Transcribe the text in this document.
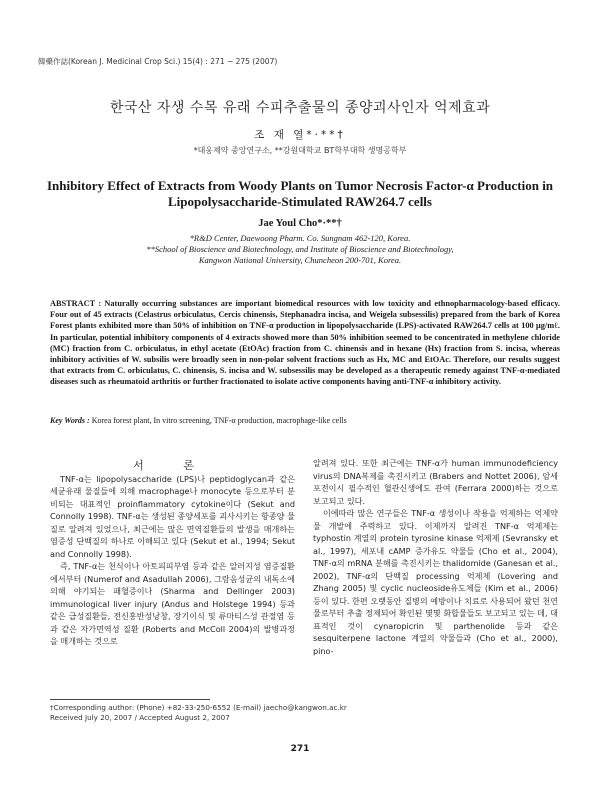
韓藥作誌(Korean J. Medicinal Crop Sci.) 15(4) : 271 − 275 (2007)
한국산 자생 수목 유래 수피추출물의 종양괴사인자 억제효과
조 재 열*·**†
*대웅제약 중앙연구소, **강원대학교 BT학부대학 생명공학부
Inhibitory Effect of Extracts from Woody Plants on Tumor Necrosis Factor-α Production in Lipopolysaccharide-Stimulated RAW264.7 cells
Jae Youl Cho*·**†
*R&D Center, Daewoong Pharm. Co. Sungnam 462-120, Korea.
**School of Bioscience and Biotechnology, and Institute of Bioscience and Biotechnology,
Kangwon National University, Chuncheon 200-701, Korea.
ABSTRACT : Naturally occurring substances are important biomedical resources with low toxicity and ethnopharmacology-based efficacy. Four out of 45 extracts (Celastrus orbiculatus, Cercis chinensis, Stephanadra incisa, and Weigela subsessilis) prepared from the bark of Korea Forest plants exhibited more than 50% of inhibition on TNF-α production in lipopolysaccharide (LPS)-activated RAW264.7 cells at 100 μg/mℓ. In particular, potential inhibitory components of 4 extracts showed more than 50% inhibition seemed to be concentrated in methylene chloride (MC) fraction from C. orbiculatus, in ethyl acetate (EtOAc) fraction from C. chinensis and in hexane (Hx) fraction from S. incisa, whereas inhibitory activities of W. subsilis were broadly seen in non-polar solvent fractions such as Hx, MC and EtOAc. Therefore, our results suggest that extracts from C. orbiculatus, C. chinensis, S. incisa and W. subsessilis may be developed as a therapeutic remedy against TNF-α-mediated diseases such as rheumatoid arthritis or further fractionated to isolate active components having anti-TNF-α inhibitory activity.
Key Words : Korea forest plant, In vitro screening, TNF-α production, macrophage-like cells

서 론

TNF-α는 lipopolysaccharide (LPS)나 peptidoglycan과 같은 세균유래 물질들에 의해 macrophage나 monocyte 등으로부터 분비되는 대표적인 proinflammatory cytokine이다 (Sekut and Connolly 1998). TNF-α는 생성된 종양세포를 괴사시키는 항종양 물질로 알려져 있었으나, 최근에는 많은 면역질환들의 발생을 매개하는 염증성 단백질의 하나로 이해되고 있다 (Sekut et al., 1994; Sekut and Connolly 1998).

즉, TNF-α는 천식이나 아토피피부염 등과 같은 알러지성 염증질환에서부터 (Numerof and Asadullah 2006), 그람음성균의 내독소에 의해 야기되는 패혈증이나 (Sharma and Dellinger 2003) immunological liver injury (Andus and Holstege 1994) 등과 같은 급성질환들, 전신홍반성낭창, 장기이식 및 류마티스성 관절염 등과 같은 자가면역성 질환 (Roberts and McColl 2004)의 발병과정을 매개하는 것으로

알려져 있다. 또한 최근에는 TNF-α가 human immunodeficiency virus의 DNA복제를 촉진시키고 (Brabers and Nottet 2006), 암세포전이시 필수적인 혈관신생에도 관여 (Ferrara 2000)하는 것으로 보고되고 있다.

이에따라 많은 연구들은 TNF-α 생성이나 작용을 억제하는 억제약물 개발에 주력하고 있다. 이제까지 알려진 TNF-α 억제제는 typhostin 계열의 protein tyrosine kinase 억제제 (Sevransky et al., 1997), 세포내 cAMP 증가유도 약물들 (Cho et al., 2004), TNF-α의 mRNA 분해를 촉진시키는 thalidomide (Ganesan et al., 2002), TNF-α의 단백질 processing 억제제 (Lovering and Zhang 2005) 및 cyclic nucleoside유도체들 (Kim et al., 2006) 등이 있다. 한편 오랫동안 질병의 예방이나 치료로 사용되어 왔던 천연물로부터 추출 정제되어 확인된 몇몇 화합물들도 보고되고 있는 데, 대표적인 것이 cynaropicrin 및 parthenolide 등과 같은 sesquiterpene lactone 계열의 약물들과 (Cho et al., 2000), pino-

†Corresponding author: (Phone) +82-33-250-6552 (E-mail) jaecho@kangwon.ac.kr
Received July 20, 2007 / Accepted August 2, 2007
271
